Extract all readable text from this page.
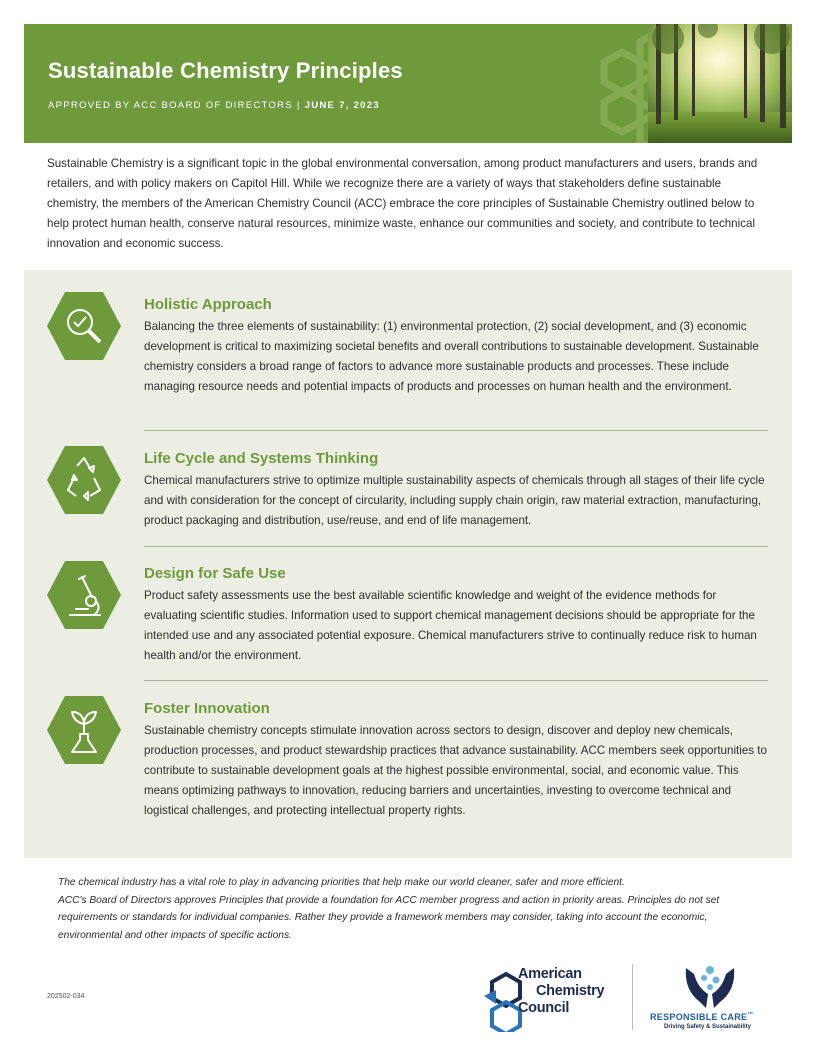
Sustainable Chemistry Principles
APPROVED BY ACC BOARD OF DIRECTORS | JUNE 7, 2023
Sustainable Chemistry is a significant topic in the global environmental conversation, among product manufacturers and users, brands and retailers, and with policy makers on Capitol Hill. While we recognize there are a variety of ways that stakeholders define sustainable chemistry, the members of the American Chemistry Council (ACC) embrace the core principles of Sustainable Chemistry outlined below to help protect human health, conserve natural resources, minimize waste, enhance our communities and society, and contribute to technical innovation and economic success.
Holistic Approach

Balancing the three elements of sustainability: (1) environmental protection, (2) social development, and (3) economic development is critical to maximizing societal benefits and overall contributions to sustainable development. Sustainable chemistry considers a broad range of factors to advance more sustainable products and processes. These include managing resource needs and potential impacts of products and processes on human health and the environment.

Life Cycle and Systems Thinking

Chemical manufacturers strive to optimize multiple sustainability aspects of chemicals through all stages of their life cycle and with consideration for the concept of circularity, including supply chain origin, raw material extraction, manufacturing, product packaging and distribution, use/reuse, and end of life management.

Design for Safe Use

Product safety assessments use the best available scientific knowledge and weight of the evidence methods for evaluating scientific studies. Information used to support chemical management decisions should be appropriate for the intended use and any associated potential exposure. Chemical manufacturers strive to continually reduce risk to human health and/or the environment.

Foster Innovation

Sustainable chemistry concepts stimulate innovation across sectors to design, discover and deploy new chemicals, production processes, and product stewardship practices that advance sustainability. ACC members seek opportunities to contribute to sustainable development goals at the highest possible environmental, social, and economic value. This means optimizing pathways to innovation, reducing barriers and uncertainties, investing to overcome technical and logistical challenges, and protecting intellectual property rights.

The chemical industry has a vital role to play in advancing priorities that help make our world cleaner, safer and more efficient.
ACC's Board of Directors approves Principles that provide a foundation for ACC member progress and action in priority areas. Principles do not set requirements or standards for individual companies. Rather they provide a framework members may consider, taking into account the economic, environmental and other impacts of specific actions.
202502-034
American
Chemistry
Council
RESPONSIBLE CARE™
Driving Safety & Sustainability
